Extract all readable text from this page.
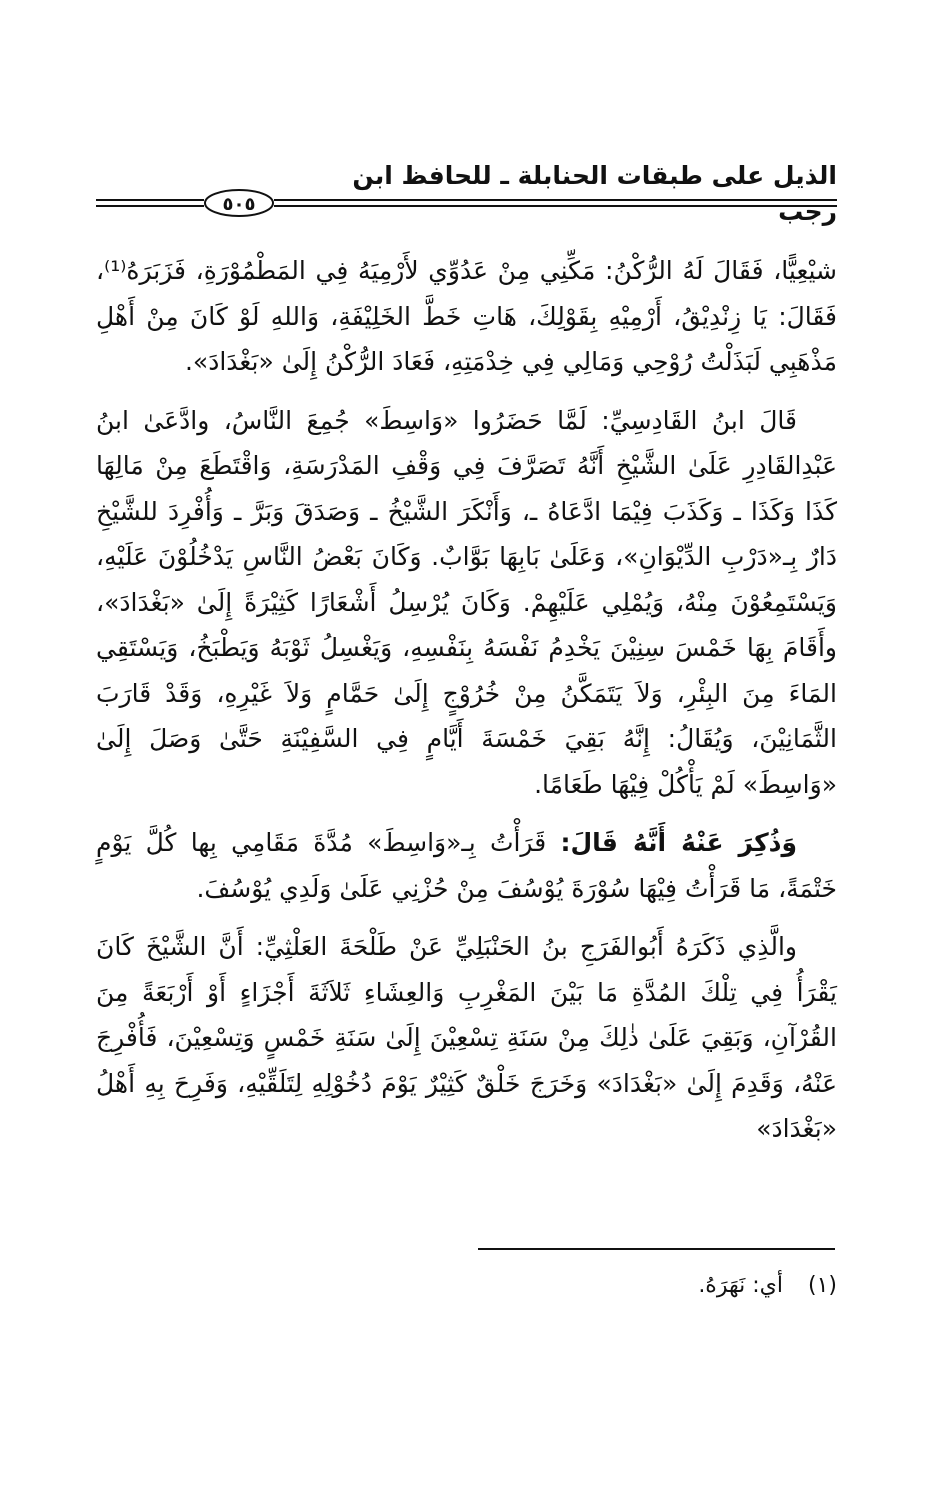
الذيل على طبقات الحنابلة ـ للحافظ ابن رجب
٥٠٥

شيْعِيًّا، فَقَالَ لَهُ الرُّكْنُ: مَكِّنِي مِنْ عَدُوِّي لأَرْمِيَهُ فِي المَطْمُوْرَةِ، فَزَبَرَهُ⁽¹⁾، فَقَالَ: يَا زِنْدِيْقُ، أَرْمِيْهِ بِقَوْلِكَ، هَاتِ خَطَّ الخَلِيْفَةِ، وَاللهِ لَوْ كَانَ مِنْ أَهْلِ مَذْهَبِي لَبَذَلْتُ رُوْحِي وَمَالِي فِي خِدْمَتِهِ، فَعَادَ الرُّكْنُ إِلَىٰ «بَغْدَادَ».

قَالَ ابنُ القَادِسِيِّ: لَمَّا حَضَرُوا «وَاسِطَ» جُمِعَ النَّاسُ، وادَّعَىٰ ابنُ عَبْدِالقَادِرِ عَلَىٰ الشَّيْخِ أَنَّهُ تَصَرَّفَ فِي وَقْفِ المَدْرَسَةِ، وَاقْتَطَعَ مِنْ مَالِهَا كَذَا وَكَذَا ـ وَكَذَبَ فِيْمَا ادَّعَاهُ ـ، وَأَنْكَرَ الشَّيْخُ ـ وَصَدَقَ وَبَرَّ ـ وَأُفْرِدَ للشَّيْخِ دَارٌ بِـ«دَرْبِ الدِّيْوَانِ»، وَعَلَىٰ بَابِهَا بَوَّابٌ. وَكَانَ بَعْضُ النَّاسِ يَدْخُلُوْنَ عَلَيْهِ، وَيَسْتَمِعُوْنَ مِنْهُ، وَيُمْلِي عَلَيْهِمْ. وَكَانَ يُرْسِلُ أَشْعَارًا كَثِيْرَةً إِلَىٰ «بَغْدَادَ»، وأَقَامَ بِهَا خَمْسَ سِنِيْنَ يَخْدِمُ نَفْسَهُ بِنَفْسِهِ، وَيَغْسِلُ ثَوْبَهُ وَيَطْبَخُ، وَيَسْتَقِي المَاءَ مِنَ البِئْرِ، وَلاَ يَتَمَكَّنُ مِنْ خُرُوْجٍ إِلَىٰ حَمَّامٍ وَلاَ غَيْرِهِ، وَقَدْ قَارَبَ الثَّمَانِيْنَ، وَيُقَالُ: إِنَّهُ بَقِيَ خَمْسَةَ أَيَّامٍ فِي السَّفِيْنَةِ حَتَّىٰ وَصَلَ إِلَىٰ «وَاسِطَ» لَمْ يَأْكُلْ فِيْهَا طَعَامًا.

وَذُكِرَ عَنْهُ أَنَّهُ قَالَ: قَرَأْتُ بِـ«وَاسِطَ» مُدَّةَ مَقَامِي بِها كُلَّ يَوْمٍ خَتْمَةً، مَا قَرَأْتُ فِيْهَا سُوْرَةَ يُوْسُفَ مِنْ حُزْنِي عَلَىٰ وَلَدِي يُوْسُفَ.

والَّذِي ذَكَرَهُ أَبُوالفَرَجِ بنُ الحَنْبَلِيِّ عَنْ طَلْحَةَ العَلْثِيِّ: أَنَّ الشَّيْخَ كَانَ يَقْرَأُ فِي تِلْكَ المُدَّةِ مَا بَيْنَ المَغْرِبِ وَالعِشَاءِ ثَلاَثَةَ أَجْزَاءٍ أَوْ أَرْبَعَةً مِنَ القُرْآنِ، وَبَقِيَ عَلَىٰ ذٰلِكَ مِنْ سَنَةِ تِسْعِيْنَ إِلَىٰ سَنَةِ خَمْسٍ وَتِسْعِيْنَ، فَأُفْرِجَ عَنْهُ، وَقَدِمَ إِلَىٰ «بَغْدَادَ» وَخَرَجَ خَلْقٌ كَثِيْرٌ يَوْمَ دُخُوْلِهِ لِتَلَقِّيْهِ، وَفَرِحَ بِهِ أَهْلُ «بَغْدَادَ»

(١) أي: نَهَرَهُ.
